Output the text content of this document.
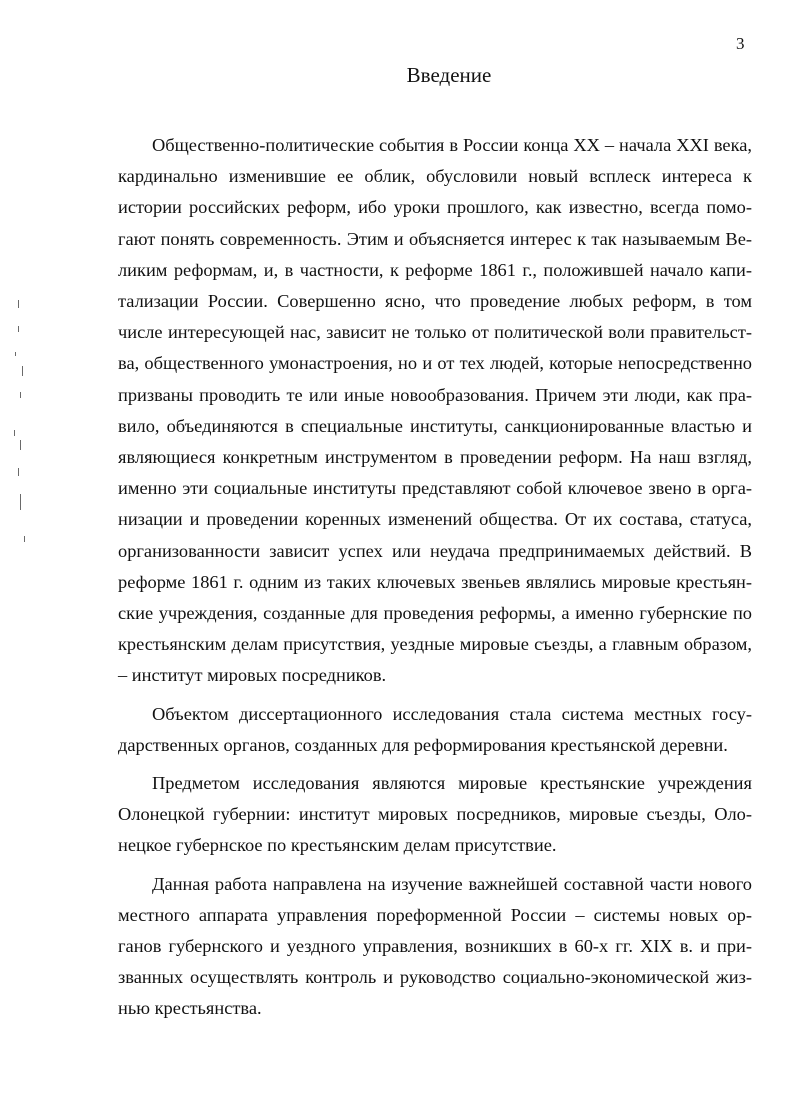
3
Введение

Общественно-политические события в России конца XX – начала XXI века, кардинально изменившие ее облик, обусловили новый всплеск интереса к истории российских реформ, ибо уроки прошлого, как известно, всегда помогают понять современность. Этим и объясняется интерес к так называемым Великим реформам, и, в частности, к реформе 1861 г., положившей начало капитализации России. Совершенно ясно, что проведение любых реформ, в том числе интересующей нас, зависит не только от политической воли правительства, общественного умонастроения, но и от тех людей, которые непосредственно призваны проводить те или иные новообразования. Причем эти люди, как правило, объединяются в специальные институты, санкционированные властью и являющиеся конкретным инструментом в проведении реформ. На наш взгляд, именно эти социальные институты представляют собой ключевое звено в организации и проведении коренных изменений общества. От их состава, статуса, организованности зависит успех или неудача предпринимаемых действий. В реформе 1861 г. одним из таких ключевых звеньев являлись мировые крестьянские учреждения, созданные для проведения реформы, а именно губернские по крестьянским делам присутствия, уездные мировые съезды, а главным образом, – институт мировых посредников.

Объектом диссертационного исследования стала система местных государственных органов, созданных для реформирования крестьянской деревни.

Предметом исследования являются мировые крестьянские учреждения Олонецкой губернии: институт мировых посредников, мировые съезды, Олонецкое губернское по крестьянским делам присутствие.

Данная работа направлена на изучение важнейшей составной части нового местного аппарата управления пореформенной России – системы новых органов губернского и уездного управления, возникших в 60-х гг. XIX в. и призванных осуществлять контроль и руководство социально-экономической жизнью крестьянства.
